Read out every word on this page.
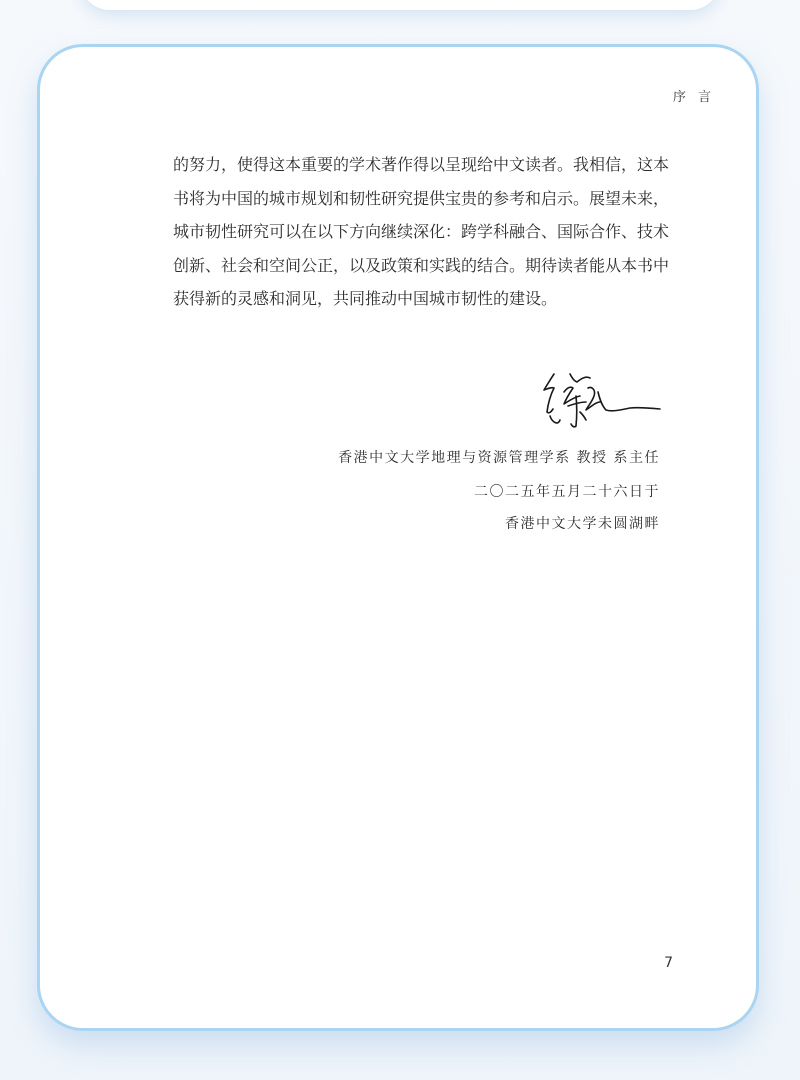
序 言

的努力，使得这本重要的学术著作得以呈现给中文读者。我相信，这本书将为中国的城市规划和韧性研究提供宝贵的参考和启示。展望未来，城市韧性研究可以在以下方向继续深化：跨学科融合、国际合作、技术创新、社会和空间公正，以及政策和实践的结合。期待读者能从本书中获得新的灵感和洞见，共同推动中国城市韧性的建设。

香港中文大学地理与资源管理学系 教授 系主任
二〇二五年五月二十六日于
香港中文大学未圆湖畔
7
